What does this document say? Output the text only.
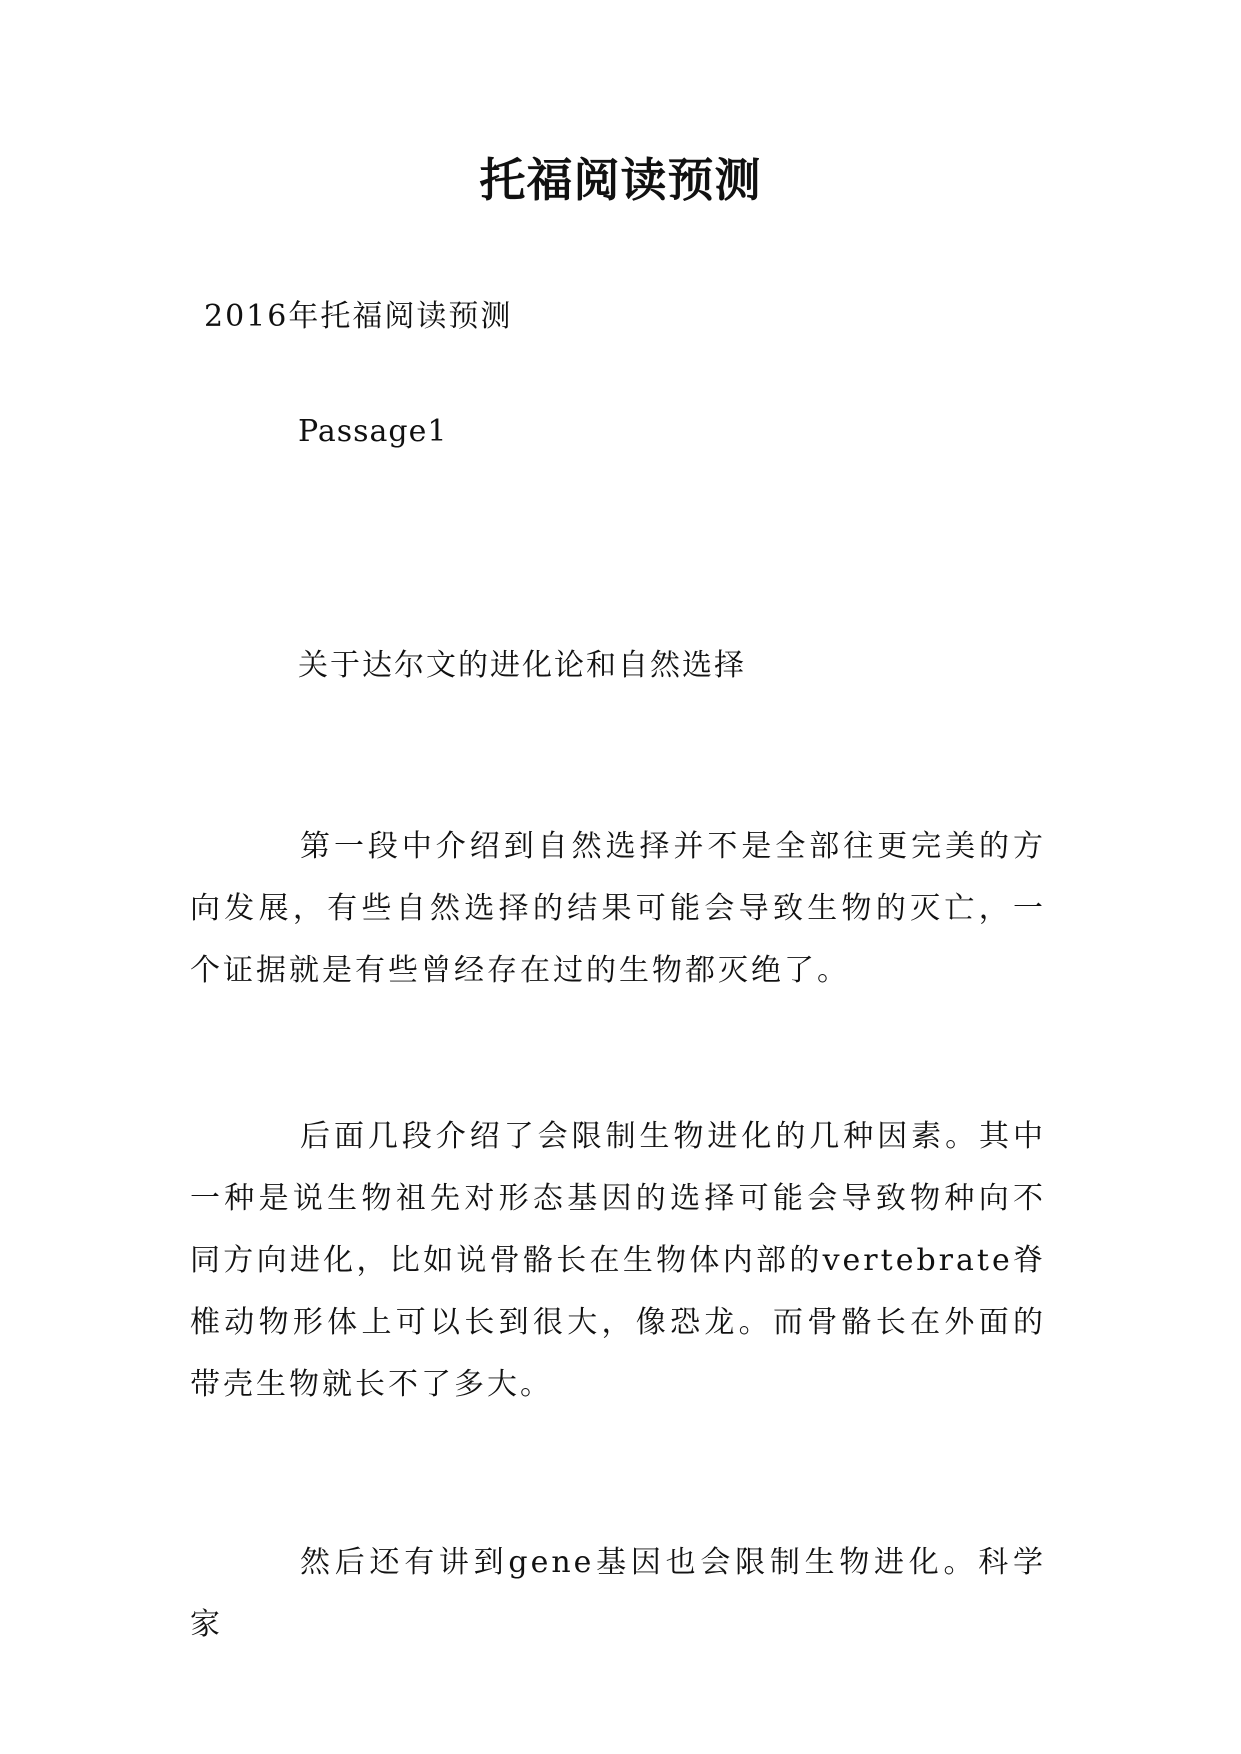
托福阅读预测

2016年托福阅读预测

Passage1

关于达尔文的进化论和自然选择

第一段中介绍到自然选择并不是全部往更完美的方向发展，有些自然选择的结果可能会导致生物的灭亡，一个证据就是有些曾经存在过的生物都灭绝了。

后面几段介绍了会限制生物进化的几种因素。其中一种是说生物祖先对形态基因的选择可能会导致物种向不同方向进化，比如说骨骼长在生物体内部的vertebrate脊椎动物形体上可以长到很大，像恐龙。而骨骼长在外面的带壳生物就长不了多大。

然后还有讲到gene基因也会限制生物进化。科学家
